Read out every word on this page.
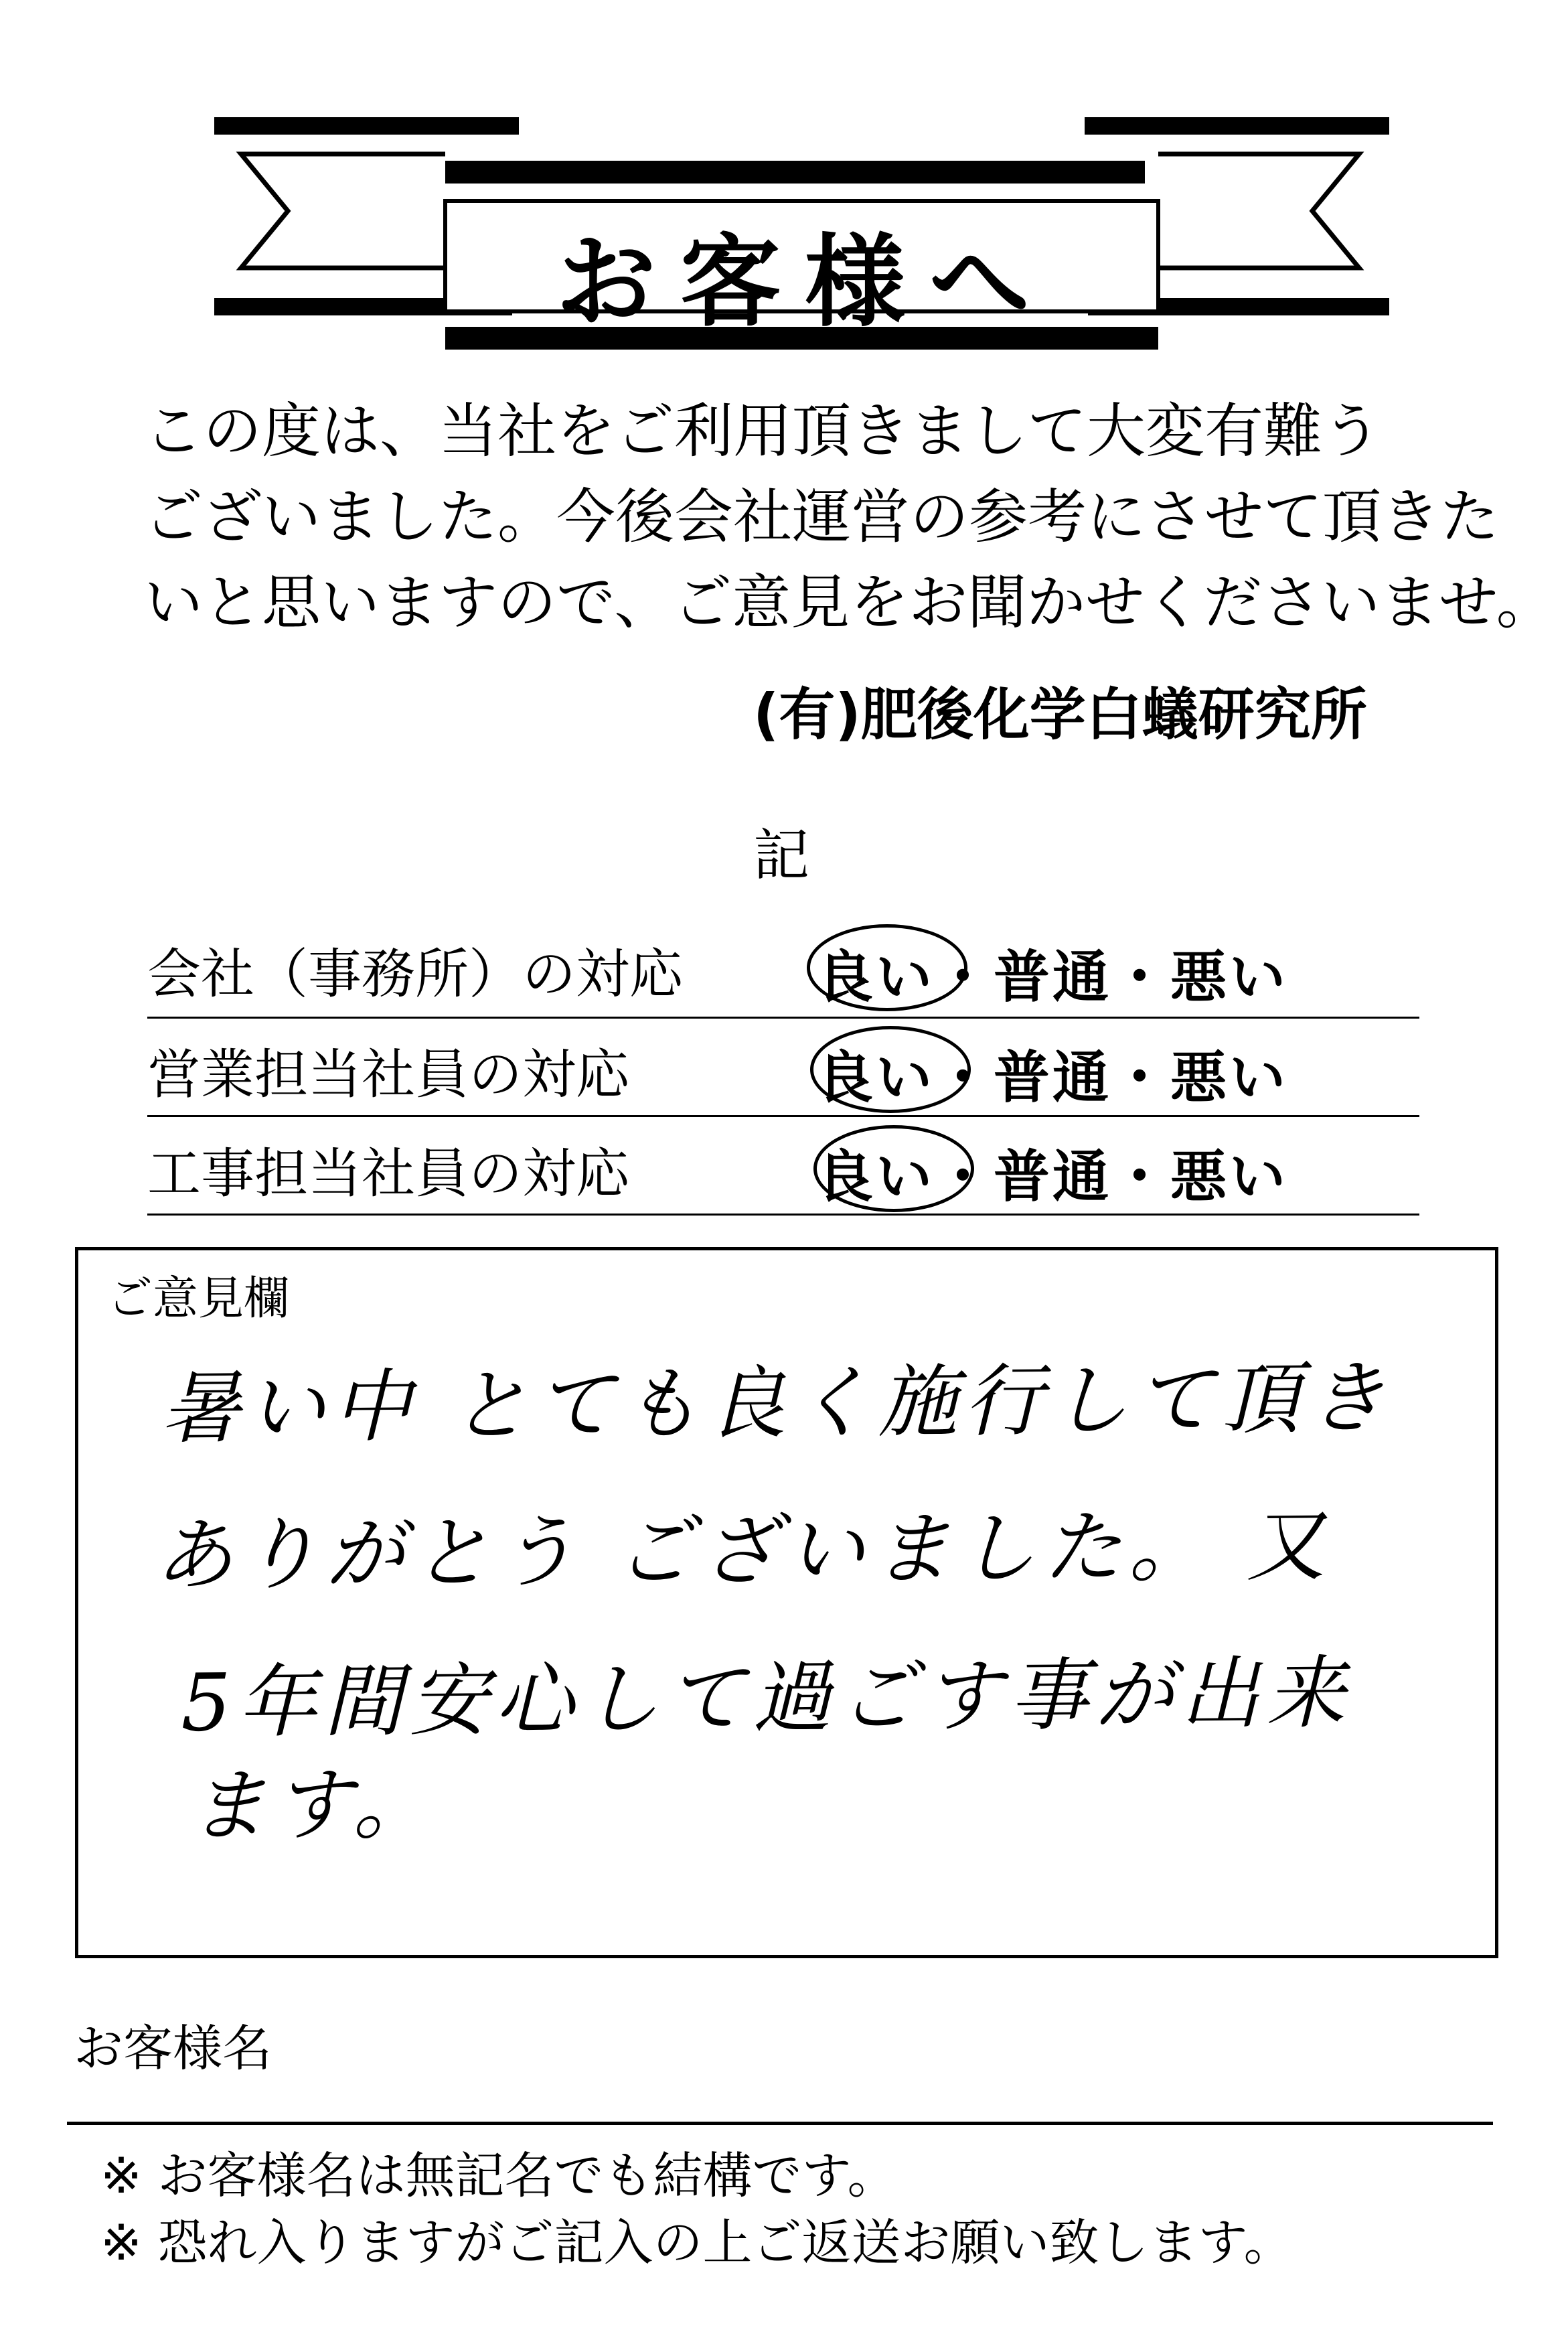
お客様へ
この度は、当社をご利用頂きまして大変有難う
ございました。今後会社運営の参考にさせて頂きた
いと思いますので、ご意見をお聞かせくださいませ。
(有)肥後化学白蟻研究所
記
会社（事務所）の対応 良い・普通・悪い
営業担当社員の対応	良い・普通・悪い
工事担当社員の対応	良い・普通・悪い
ご意見欄
暑い中 とても良く施行して頂き
ありがとう ございました。 又
5年間安心して過ごす事が出来
ます。
お客様名
※ お客様名は無記名でも結構です。
※ 恐れ入りますがご記入の上ご返送お願い致します。
